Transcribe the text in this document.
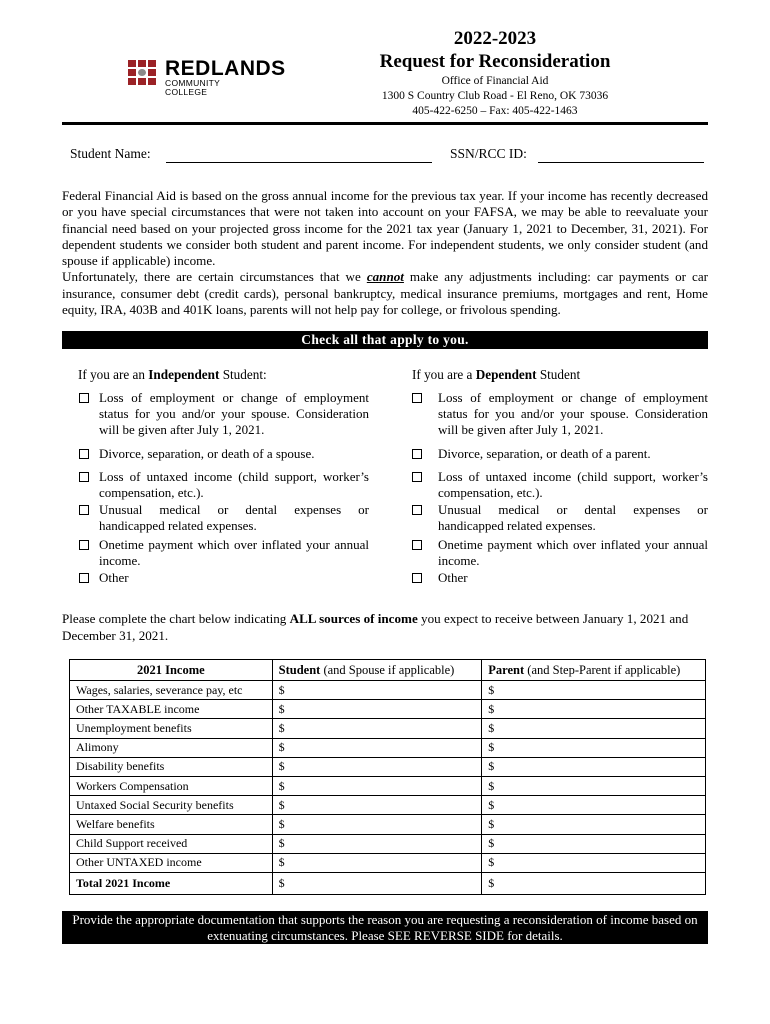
REDLANDS
COMMUNITY COLLEGE
2022-2023
Request for Reconsideration
Office of Financial Aid
1300 S Country Club Road - El Reno, OK 73036
405-422-6250 – Fax: 405-422-1463
Student Name:	SSN/RCC ID:

Federal Financial Aid is based on the gross annual income for the previous tax year. If your income has recently decreased or you have special circumstances that were not taken into account on your FAFSA, we may be able to reevaluate your financial need based on your projected gross income for the 2021 tax year (January 1, 2021 to December, 31, 2021). For dependent students we consider both student and parent income. For independent students, we only consider student (and spouse if applicable) income.

Unfortunately, there are certain circumstances that we cannot make any adjustments including: car payments or car insurance, consumer debt (credit cards), personal bankruptcy, medical insurance premiums, mortgages and rent, Home equity, IRA, 403B and 401K loans, parents will not help pay for college, or frivolous spending.

Check all that apply to you.
If you are an Independent Student:	If you are a Dependent Student
Loss of employment or change of employment status for you and/or your spouse. Consideration will be given after July 1, 2021.
Divorce, separation, or death of a spouse.
Loss of untaxed income (child support, worker’s compensation, etc.).
Unusual medical or dental expenses or handicapped related expenses.
Onetime payment which over inflated your annual income.
Other
Loss of employment or change of employment status for you and/or your spouse. Consideration will be given after July 1, 2021.
Divorce, separation, or death of a parent.
Loss of untaxed income (child support, worker’s compensation, etc.).
Unusual medical or dental expenses or handicapped related expenses.
Onetime payment which over inflated your annual income.
Other
Please complete the chart below indicating ALL sources of income you expect to receive between January 1, 2021 and December 31, 2021.
2021 Income	Student (and Spouse if applicable)	Parent (and Step-Parent if applicable)
Wages, salaries, severance pay, etc	$	$
Other TAXABLE income	$	$
Unemployment benefits	$	$
Alimony	$	$
Disability benefits	$	$
Workers Compensation	$	$
Untaxed Social Security benefits	$	$
Welfare benefits	$	$
Child Support received	$	$
Other UNTAXED income	$	$
Total 2021 Income	$	$
Provide the appropriate documentation that supports the reason you are requesting a reconsideration of income based on extenuating circumstances. Please SEE REVERSE SIDE for details.
